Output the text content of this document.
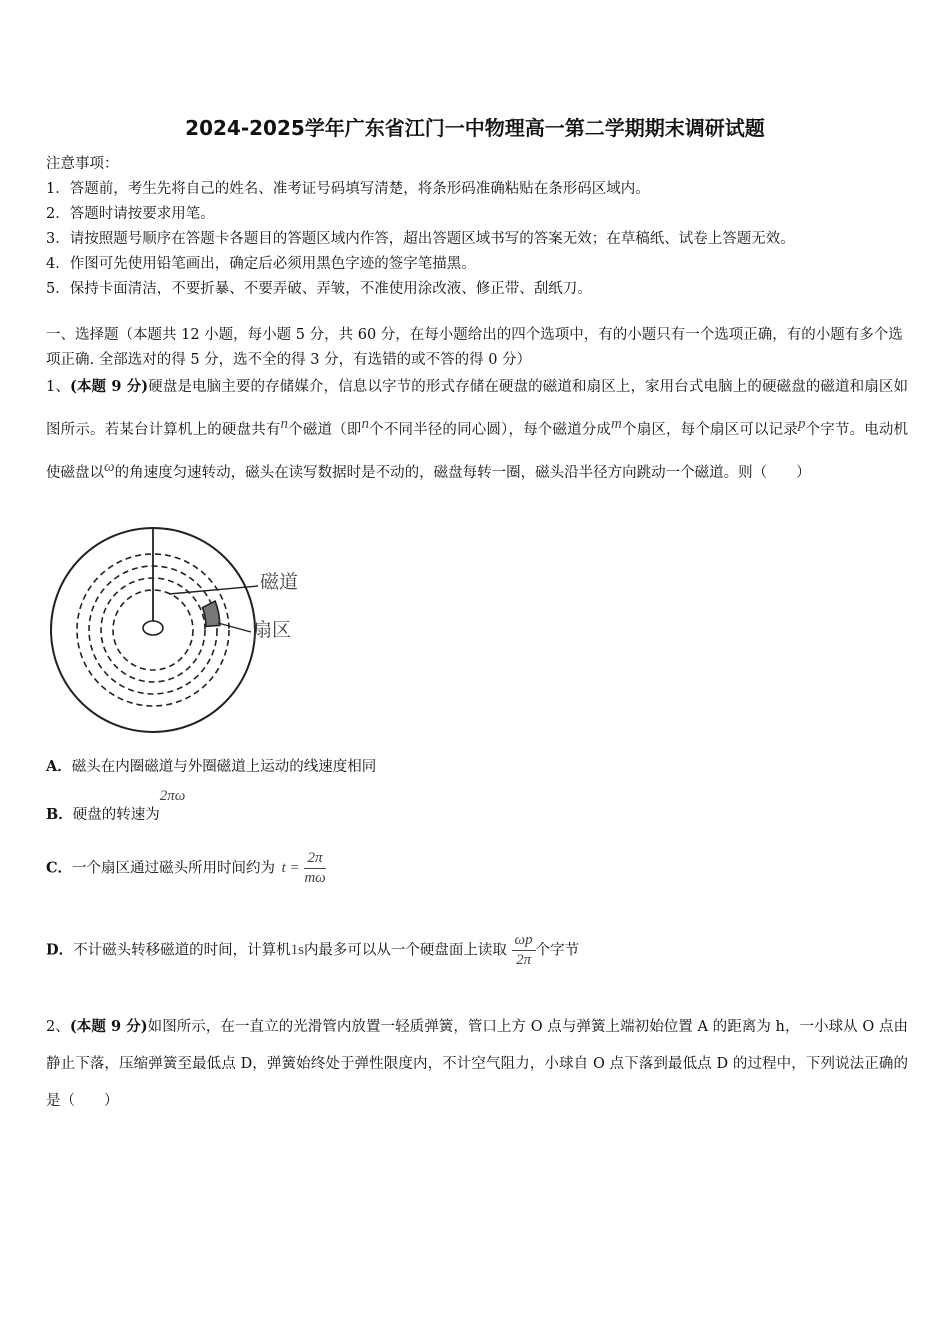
2024-2025学年广东省江门一中物理高一第二学期期末调研试题
注意事项：
1．答题前，考生先将自己的姓名、准考证号码填写清楚，将条形码准确粘贴在条形码区域内。
2．答题时请按要求用笔。
3．请按照题号顺序在答题卡各题目的答题区域内作答，超出答题区域书写的答案无效；在草稿纸、试卷上答题无效。
4．作图可先使用铅笔画出，确定后必须用黑色字迹的签字笔描黑。
5．保持卡面清洁，不要折暴、不要弄破、弄皱，不准使用涂改液、修正带、刮纸刀。
一、选择题（本题共 12 小题，每小题 5 分，共 60 分，在每小题给出的四个选项中，有的小题只有一个选项正确，有的小题有多个选项正确. 全部选对的得 5 分，选不全的得 3 分，有选错的或不答的得 0 分）
1、(本题 9 分)硬盘是电脑主要的存储媒介，信息以字节的形式存储在硬盘的磁道和扇区上，家用台式电脑上的硬磁盘的磁道和扇区如图所示。若某台计算机上的硬盘共有n个磁道（即n个不同半径的同心圆），每个磁道分成m个扇区，每个扇区可以记录p个字节。电动机使磁盘以ω的角速度匀速转动，磁头在读写数据时是不动的，磁盘每转一圈，磁头沿半径方向跳动一个磁道。则（　　）
磁道
扇区
A．磁头在内圈磁道与外圈磁道上运动的线速度相同
B．硬盘的转速为2πω
C．一个扇区通过磁头所用时间约为 $t = \frac{2\pi}{m\omega}$
D．不计磁头转移磁道的时间，计算机1s内最多可以从一个硬盘面上读取 $\frac{\omega p}{2\pi}$ 个字节
2、(本题 9 分)如图所示，在一直立的光滑管内放置一轻质弹簧，管口上方 O 点与弹簧上端初始位置 A 的距离为 h，一小球从 O 点由静止下落，压缩弹簧至最低点 D，弹簧始终处于弹性限度内，不计空气阻力，小球自 O 点下落到最低点 D 的过程中，下列说法正确的是（　　）
